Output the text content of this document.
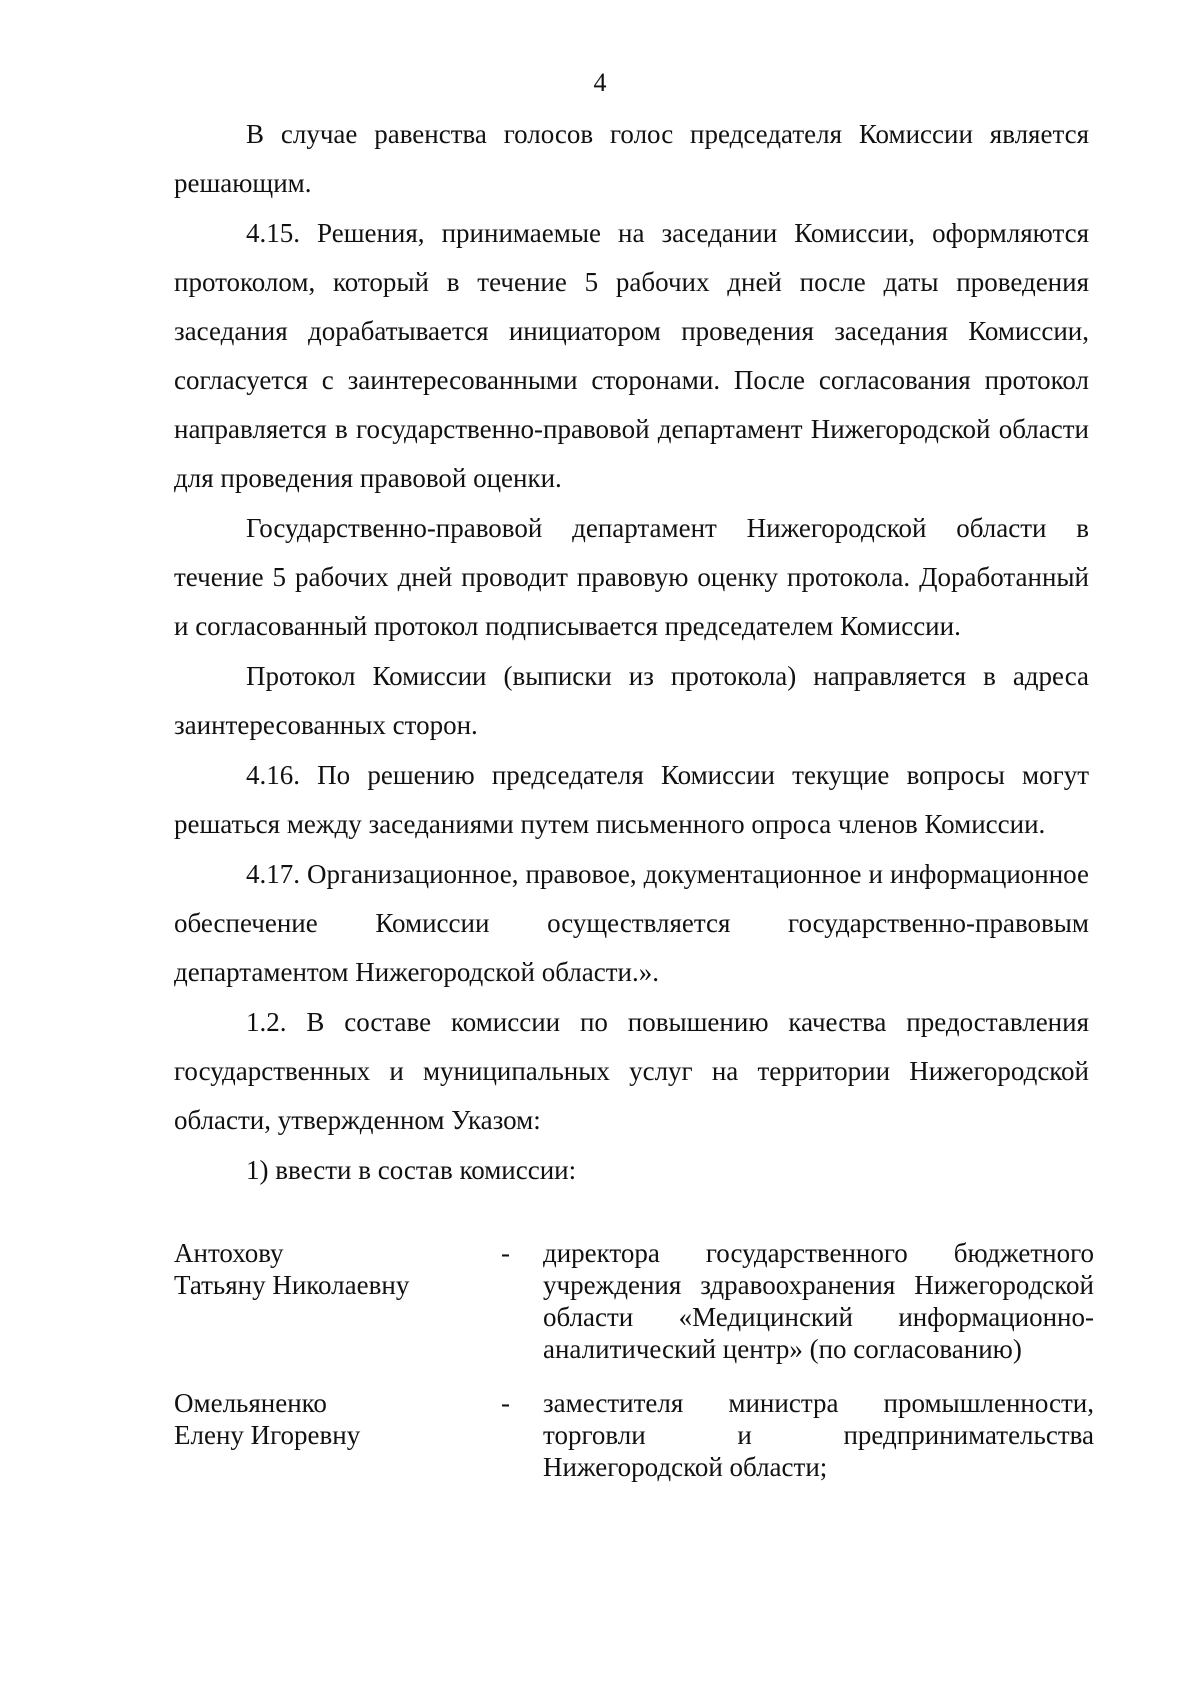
4

В случае равенства голосов голос председателя Комиссии является решающим.

4.15. Решения, принимаемые на заседании Комиссии, оформляются протоколом, который в течение 5 рабочих дней после даты проведения заседания дорабатывается инициатором проведения заседания Комиссии, согласуется с заинтересованными сторонами. После согласования протокол направляется в государственно-правовой департамент Нижегородской области для проведения правовой оценки.

Государственно-правовой департамент Нижегородской области в течение 5 рабочих дней проводит правовую оценку протокола. Доработанный и согласованный протокол подписывается председателем Комиссии.

Протокол Комиссии (выписки из протокола) направляется в адреса заинтересованных сторон.

4.16. По решению председателя Комиссии текущие вопросы могут решаться между заседаниями путем письменного опроса членов Комиссии.

4.17. Организационное, правовое, документационное и информационное обеспечение Комиссии осуществляется государственно-правовым департаментом Нижегородской области.».

1.2. В составе комиссии по повышению качества предоставления государственных и муниципальных услуг на территории Нижегородской области, утвержденном Указом:

1) ввести в состав комиссии:

Антохову
Татьяну Николаевну
-	директора государственного бюджетного учреждения здравоохранения Нижегородской области «Медицинский информационно-аналитический центр» (по согласованию)
Омельяненко
Елену Игоревну
-	заместителя министра промышленности, торговли и предпринимательства Нижегородской области;
